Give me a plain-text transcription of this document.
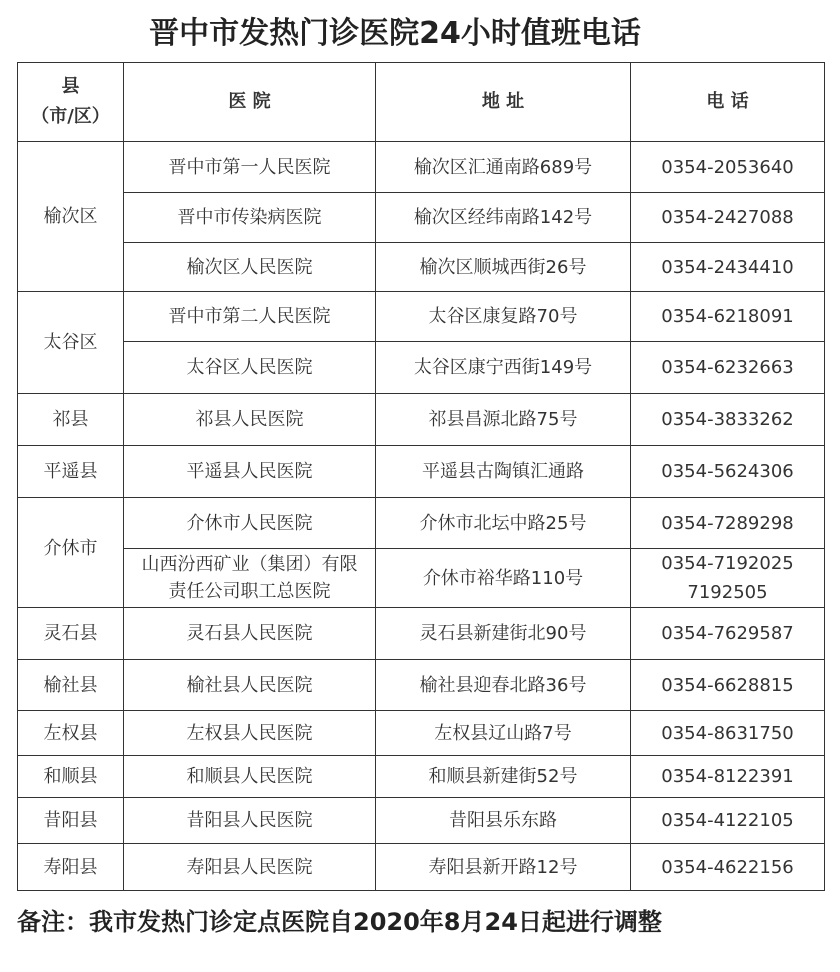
晋中市发热门诊医院24小时值班电话
县
（市/区）	医 院	地 址	电 话
榆次区	晋中市第一人民医院	榆次区汇通南路689号	0354-2053640

	晋中市传染病医院	榆次区经纬南路142号	0354-2427088

	榆次区人民医院	榆次区顺城西街26号	0354-2434410

太谷区	晋中市第二人民医院	太谷区康复路70号	0354-6218091

	太谷区人民医院	太谷区康宁西街149号	0354-6232663

祁县	祁县人民医院	祁县昌源北路75号	0354-3833262

平遥县	平遥县人民医院	平遥县古陶镇汇通路	0354-5624306

介休市	介休市人民医院	介休市北坛中路25号	0354-7289298

	山西汾西矿业（集团）有限责任公司职工总医院	介休市裕华路110号	0354-7192025
7192505

灵石县	灵石县人民医院	灵石县新建街北90号	0354-7629587

榆社县	榆社县人民医院	榆社县迎春北路36号	0354-6628815

左权县	左权县人民医院	左权县辽山路7号	0354-8631750

和顺县	和顺县人民医院	和顺县新建街52号	0354-8122391

昔阳县	昔阳县人民医院	昔阳县乐东路	0354-4122105

寿阳县	寿阳县人民医院	寿阳县新开路12号	0354-4622156
备注：我市发热门诊定点医院自2020年8月24日起进行调整
